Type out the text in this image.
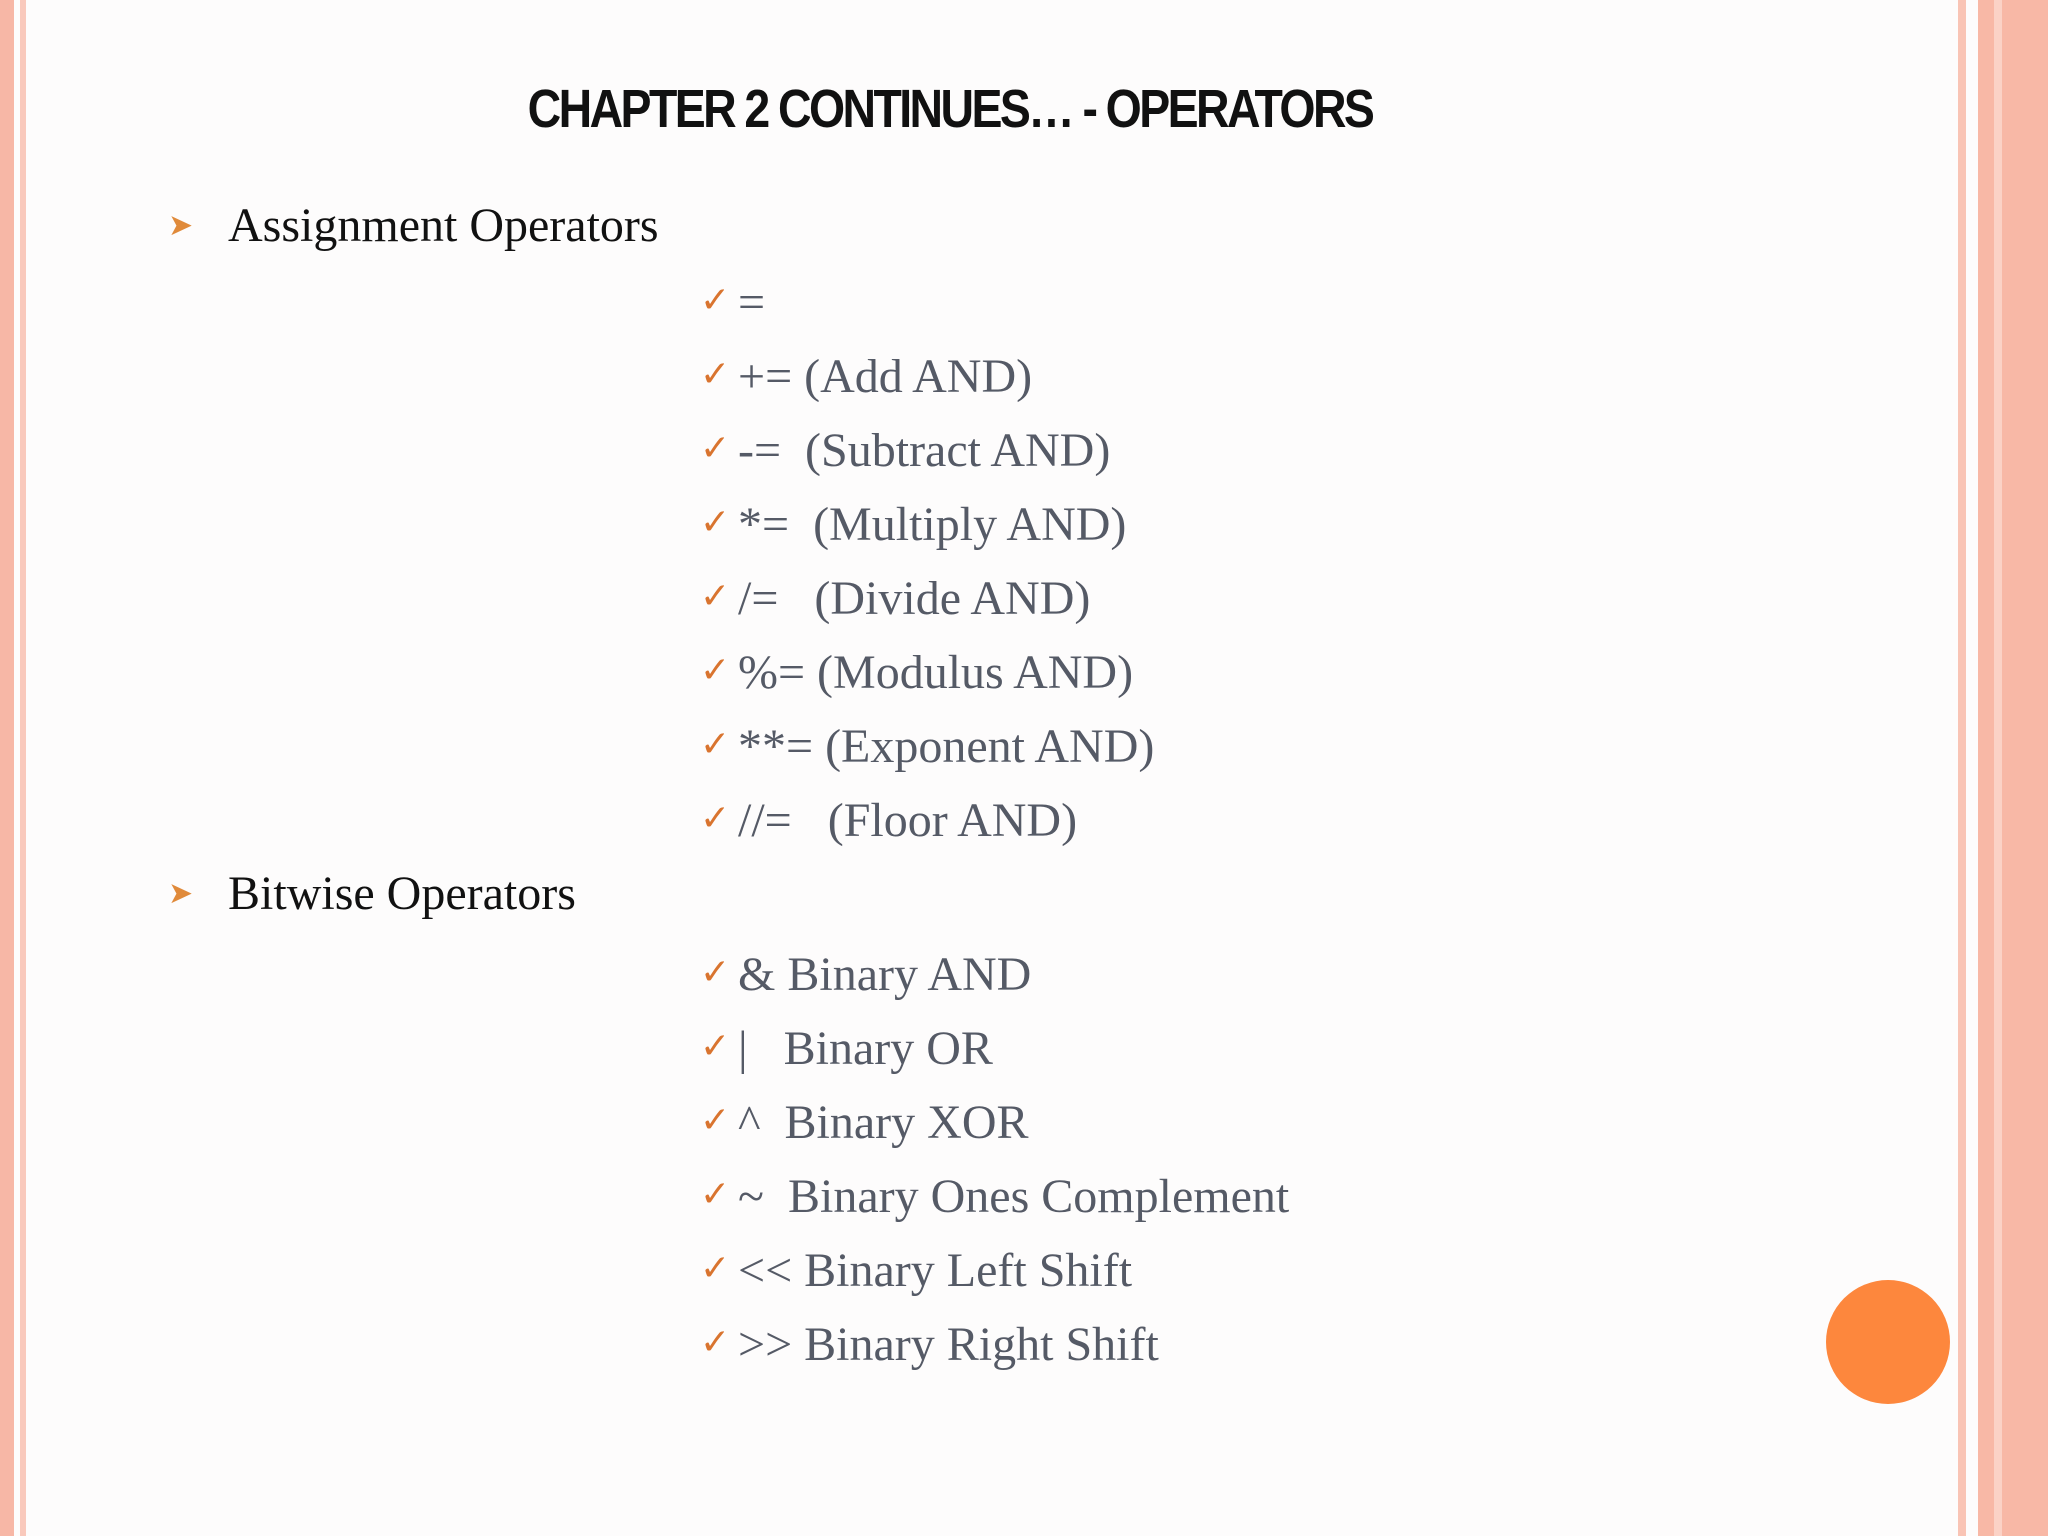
CHAPTER 2 CONTINUES… - OPERATORS
➤ Assignment Operators
✓ =
✓ += (Add AND)
✓ -=  (Subtract AND)
✓ *=  (Multiply AND)
✓ /=   (Divide AND)
✓ %= (Modulus AND)
✓ **= (Exponent AND)
✓ //=   (Floor AND)
➤ Bitwise Operators
✓ & Binary AND
✓ |   Binary OR
✓ ^  Binary XOR
✓ ~  Binary Ones Complement
✓ << Binary Left Shift
✓ >> Binary Right Shift
